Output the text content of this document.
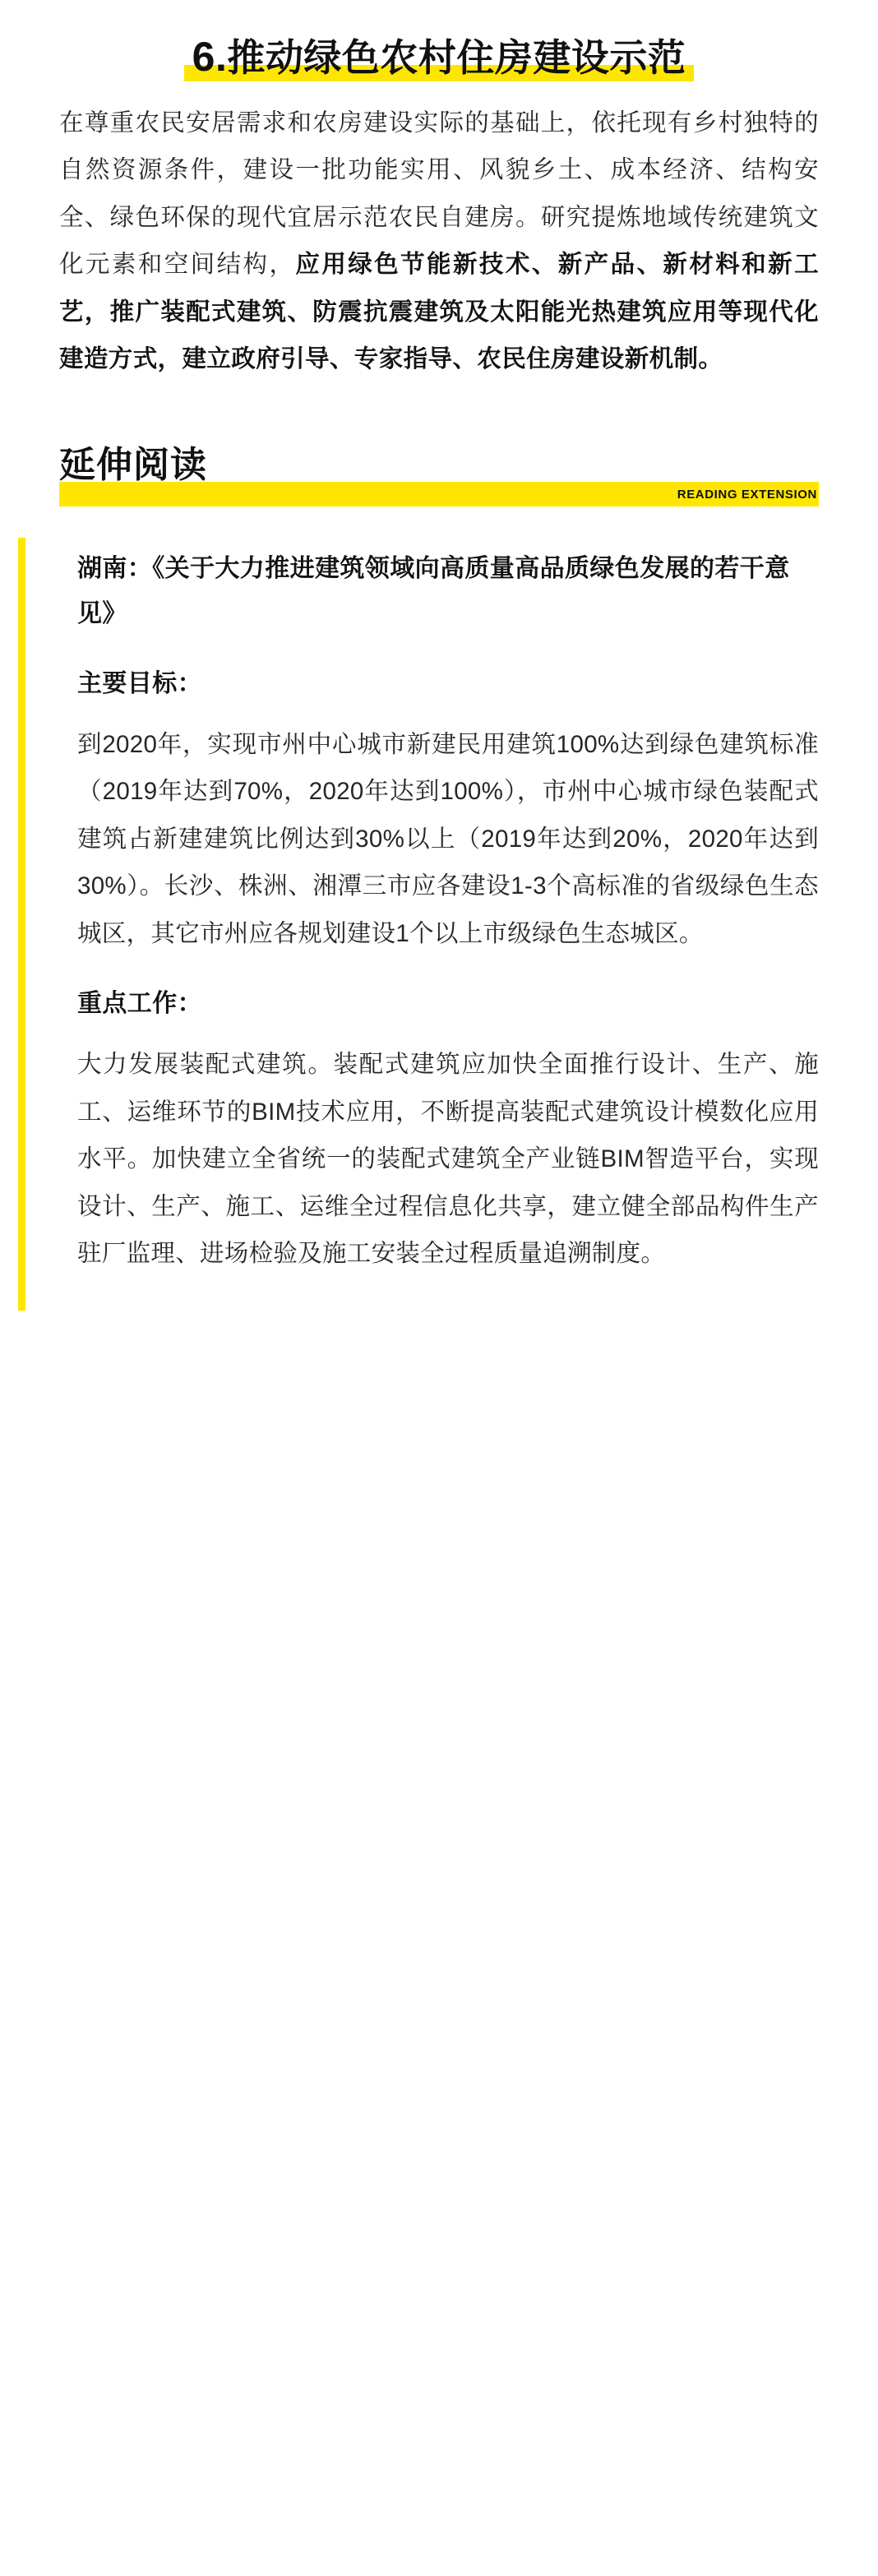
6.推动绿色农村住房建设示范

在尊重农民安居需求和农房建设实际的基础上，依托现有乡村独特的自然资源条件，建设一批功能实用、风貌乡土、成本经济、结构安全、绿色环保的现代宜居示范农民自建房。研究提炼地域传统建筑文化元素和空间结构，应用绿色节能新技术、新产品、新材料和新工艺，推广装配式建筑、防震抗震建筑及太阳能光热建筑应用等现代化建造方式，建立政府引导、专家指导、农民住房建设新机制。

延伸阅读
READING EXTENSION
湖南：《关于大力推进建筑领域向高质量高品质绿色发展的若干意见》
主要目标：

到2020年，实现市州中心城市新建民用建筑100%达到绿色建筑标准（2019年达到70%，2020年达到100%），市州中心城市绿色装配式建筑占新建建筑比例达到30%以上（2019年达到20%，2020年达到30%）。长沙、株洲、湘潭三市应各建设1-3个高标准的省级绿色生态城区，其它市州应各规划建设1个以上市级绿色生态城区。

重点工作：

大力发展装配式建筑。装配式建筑应加快全面推行设计、生产、施工、运维环节的BIM技术应用，不断提高装配式建筑设计模数化应用水平。加快建立全省统一的装配式建筑全产业链BIM智造平台，实现设计、生产、施工、运维全过程信息化共享，建立健全部品构件生产驻厂监理、进场检验及施工安装全过程质量追溯制度。
